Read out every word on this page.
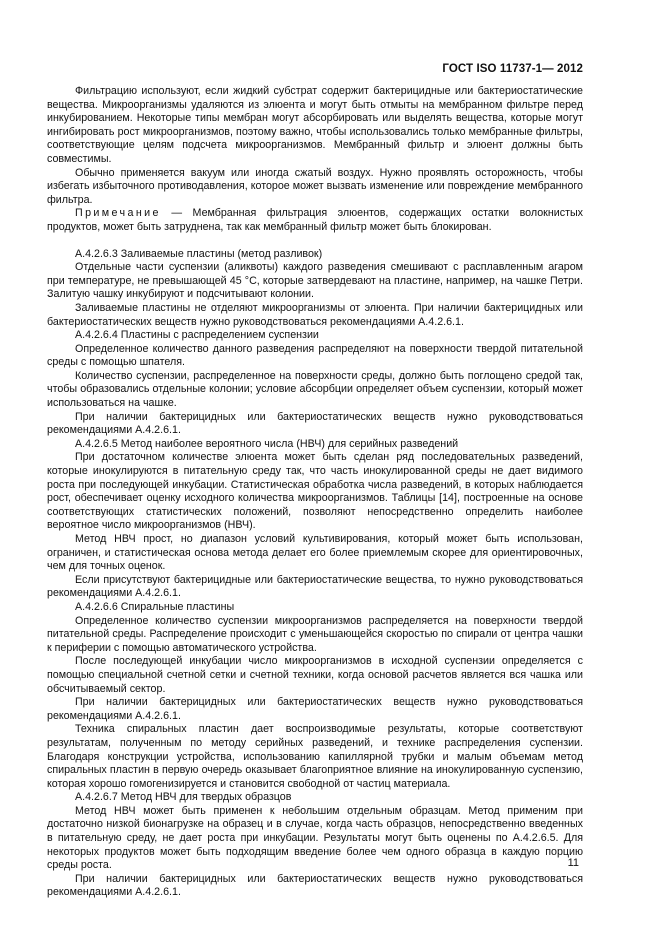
ГОСТ ISO 11737-1— 2012

Фильтрацию используют, если жидкий субстрат содержит бактерицидные или бактериостатические вещества. Микроорганизмы удаляются из элюента и могут быть отмыты на мембранном фильтре перед инкубированием. Некоторые типы мембран могут абсорбировать или выделять вещества, которые могут ингибировать рост микроорганизмов, поэтому важно, чтобы использовались только мембранные фильтры, соответствующие целям подсчета микроорганизмов. Мембранный фильтр и элюент должны быть совместимы.

Обычно применяется вакуум или иногда сжатый воздух. Нужно проявлять осторожность, чтобы избегать избыточного противодавления, которое может вызвать изменение или повреждение мембранного фильтра.

Примечание — Мембранная фильтрация элюентов, содержащих остатки волокнистых продуктов, может быть затруднена, так как мембранный фильтр может быть блокирован.

А.4.2.6.3 Заливаемые пластины (метод разливок)

Отдельные части суспензии (аликвоты) каждого разведения смешивают с расплавленным агаром при температуре, не превышающей 45 °С, которые затвердевают на пластине, например, на чашке Петри. Залитую чашку инкубируют и подсчитывают колонии.

Заливаемые пластины не отделяют микроорганизмы от элюента. При наличии бактерицидных или бактериостатических веществ нужно руководствоваться рекомендациями А.4.2.6.1.

А.4.2.6.4 Пластины с распределением суспензии

Определенное количество данного разведения распределяют на поверхности твердой питательной среды с помощью шпателя.

Количество суспензии, распределенное на поверхности среды, должно быть поглощено средой так, чтобы образовались отдельные колонии; условие абсорбции определяет объем суспензии, который может использоваться на чашке.

При наличии бактерицидных или бактериостатических веществ нужно руководствоваться рекомендациями А.4.2.6.1.

А.4.2.6.5 Метод наиболее вероятного числа (НВЧ) для серийных разведений

При достаточном количестве элюента может быть сделан ряд последовательных разведений, которые инокулируются в питательную среду так, что часть инокулированной среды не дает видимого роста при последующей инкубации. Статистическая обработка числа разведений, в которых наблюдается рост, обеспечивает оценку исходного количества микроорганизмов. Таблицы [14], построенные на основе соответствующих статистических положений, позволяют непосредственно определить наиболее вероятное число микроорганизмов (НВЧ).

Метод НВЧ прост, но диапазон условий культивирования, который может быть использован, ограничен, и статистическая основа метода делает его более приемлемым скорее для ориентировочных, чем для точных оценок.

Если присутствуют бактерицидные или бактериостатические вещества, то нужно руководствоваться рекомендациями А.4.2.6.1.

А.4.2.6.6 Спиральные пластины

Определенное количество суспензии микроорганизмов распределяется на поверхности твердой питательной среды. Распределение происходит с уменьшающейся скоростью по спирали от центра чашки к периферии с помощью автоматического устройства.

После последующей инкубации число микроорганизмов в исходной суспензии определяется с помощью специальной счетной сетки и счетной техники, когда основой расчетов является вся чашка или обсчитываемый сектор.

При наличии бактерицидных или бактериостатических веществ нужно руководствоваться рекомендациями А.4.2.6.1.

Техника спиральных пластин дает воспроизводимые результаты, которые соответствуют результатам, полученным по методу серийных разведений, и технике распределения суспензии. Благодаря конструкции устройства, использованию капиллярной трубки и малым объемам метод спиральных пластин в первую очередь оказывает благоприятное влияние на инокулированную суспензию, которая хорошо гомогенизируется и становится свободной от частиц материала.

А.4.2.6.7 Метод НВЧ для твердых образцов

Метод НВЧ может быть применен к небольшим отдельным образцам. Метод применим при достаточно низкой бионагрузке на образец и в случае, когда часть образцов, непосредственно введенных в питательную среду, не дает роста при инкубации. Результаты могут быть оценены по А.4.2.6.5. Для некоторых продуктов может быть подходящим введение более чем одного образца в каждую порцию среды роста.

При наличии бактерицидных или бактериостатических веществ нужно руководствоваться рекомендациями А.4.2.6.1.

11
